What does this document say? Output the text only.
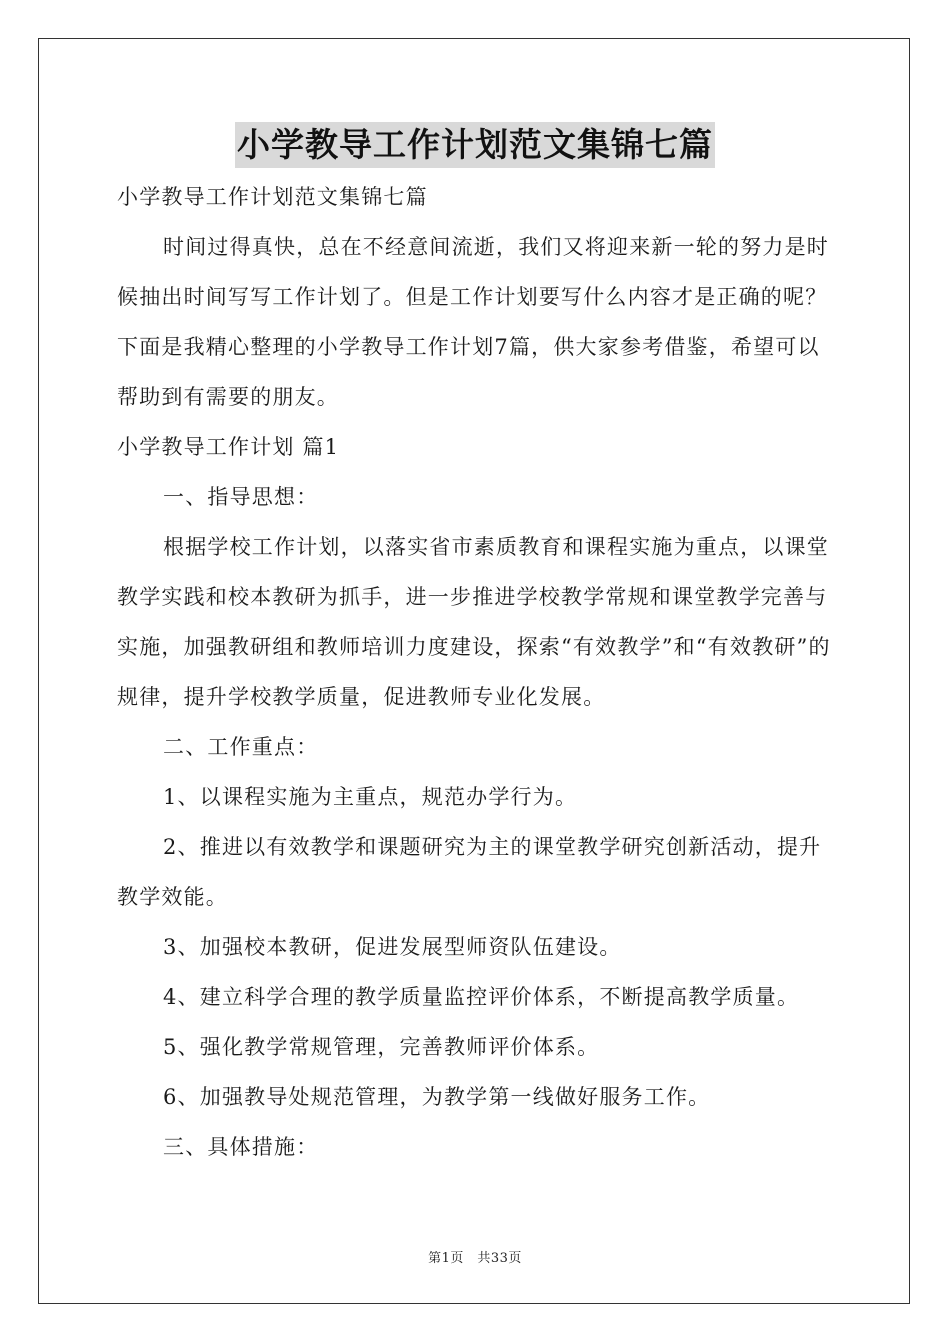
小学教导工作计划范文集锦七篇

小学教导工作计划范文集锦七篇

时间过得真快，总在不经意间流逝，我们又将迎来新一轮的努力是时候抽出时间写写工作计划了。但是工作计划要写什么内容才是正确的呢？下面是我精心整理的小学教导工作计划7篇，供大家参考借鉴，希望可以帮助到有需要的朋友。

小学教导工作计划 篇1

一、指导思想：

根据学校工作计划，以落实省市素质教育和课程实施为重点，以课堂教学实践和校本教研为抓手，进一步推进学校教学常规和课堂教学完善与实施，加强教研组和教师培训力度建设，探索“有效教学”和“有效教研”的规律，提升学校教学质量，促进教师专业化发展。

二、工作重点：

1、以课程实施为主重点，规范办学行为。

2、推进以有效教学和课题研究为主的课堂教学研究创新活动，提升教学效能。

3、加强校本教研，促进发展型师资队伍建设。

4、建立科学合理的教学质量监控评价体系，不断提高教学质量。

5、强化教学常规管理，完善教师评价体系。

6、加强教导处规范管理，为教学第一线做好服务工作。

三、具体措施：

第1页　共33页
